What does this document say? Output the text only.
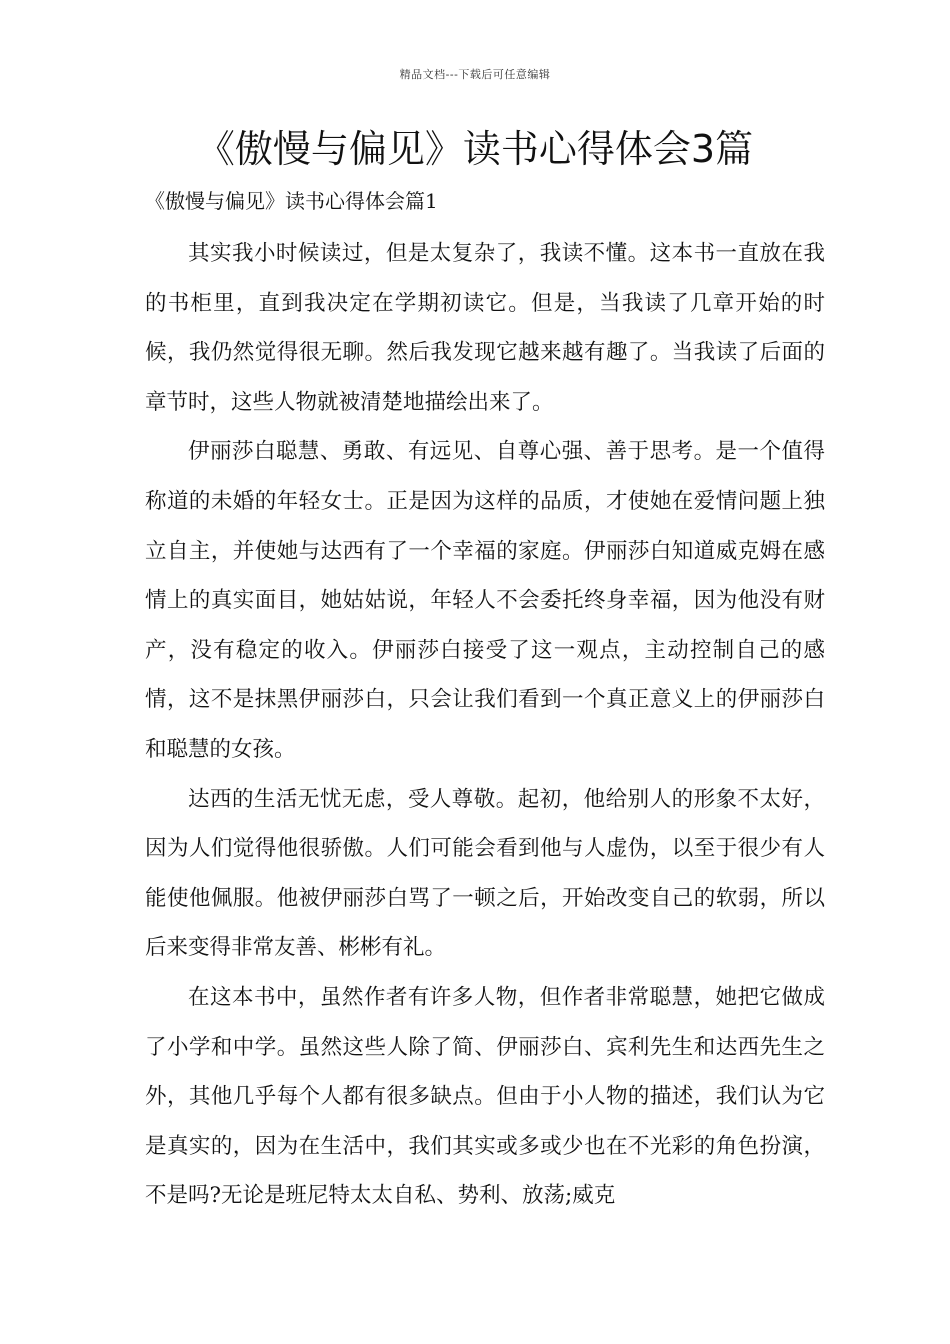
精品文档---下载后可任意编辑
《傲慢与偏见》读书心得体会3篇
《傲慢与偏见》读书心得体会篇1

其实我小时候读过，但是太复杂了，我读不懂。这本书一直放在我的书柜里，直到我决定在学期初读它。但是，当我读了几章开始的时候，我仍然觉得很无聊。然后我发现它越来越有趣了。当我读了后面的章节时，这些人物就被清楚地描绘出来了。

伊丽莎白聪慧、勇敢、有远见、自尊心强、善于思考。是一个值得称道的未婚的年轻女士。正是因为这样的品质，才使她在爱情问题上独立自主，并使她与达西有了一个幸福的家庭。伊丽莎白知道威克姆在感情上的真实面目，她姑姑说，年轻人不会委托终身幸福，因为他没有财产，没有稳定的收入。伊丽莎白接受了这一观点，主动控制自己的感情，这不是抹黑伊丽莎白，只会让我们看到一个真正意义上的伊丽莎白和聪慧的女孩。

达西的生活无忧无虑，受人尊敬。起初，他给别人的形象不太好，因为人们觉得他很骄傲。人们可能会看到他与人虚伪，以至于很少有人能使他佩服。他被伊丽莎白骂了一顿之后，开始改变自己的软弱，所以后来变得非常友善、彬彬有礼。

在这本书中，虽然作者有许多人物，但作者非常聪慧，她把它做成了小学和中学。虽然这些人除了简、伊丽莎白、宾利先生和达西先生之外，其他几乎每个人都有很多缺点。但由于小人物的描述，我们认为它是真实的，因为在生活中，我们其实或多或少也在不光彩的角色扮演，不是吗?无论是班尼特太太自私、势利、放荡;威克
